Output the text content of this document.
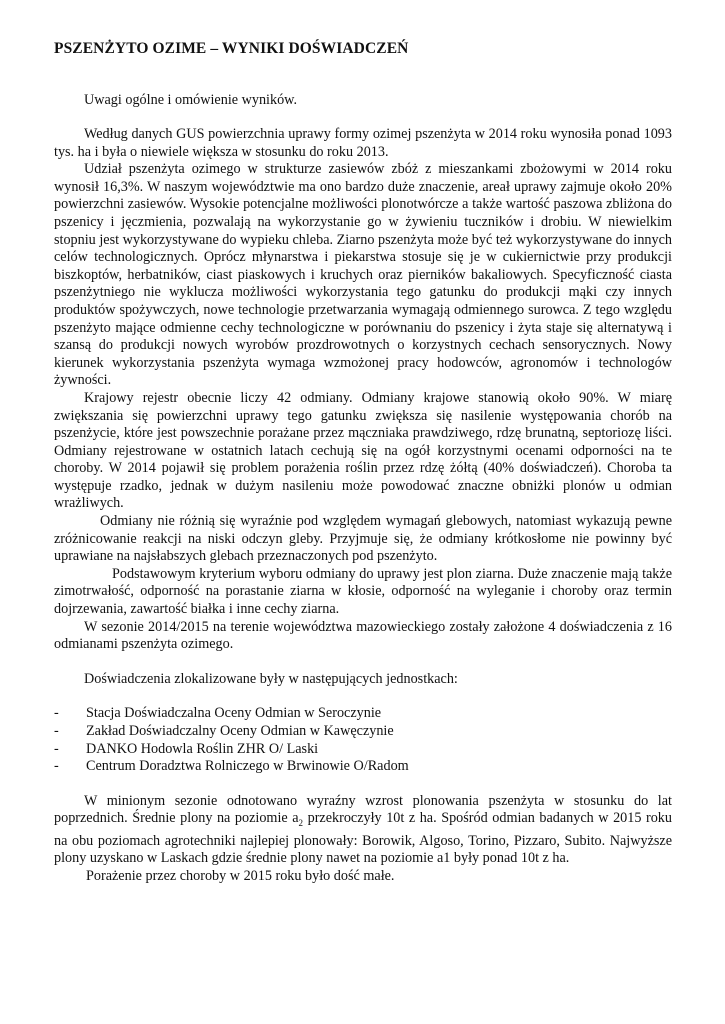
PSZENŻYTO OZIME – WYNIKI DOŚWIADCZEŃ
Uwagi ogólne i omówienie wyników.

Według danych GUS powierzchnia uprawy formy ozimej pszenżyta w 2014 roku wynosiła ponad 1093 tys. ha i była o niewiele większa w stosunku do roku 2013.

Udział pszenżyta ozimego w strukturze zasiewów zbóż z mieszankami zbożowymi w 2014 roku wynosił 16,3%. W naszym województwie ma ono bardzo duże znaczenie, areał uprawy zajmuje około 20% powierzchni zasiewów. Wysokie potencjalne możliwości plonotwórcze a także wartość paszowa zbliżona do pszenicy i jęczmienia, pozwalają na wykorzystanie go w żywieniu tuczników i drobiu. W niewielkim stopniu jest wykorzystywane do wypieku chleba. Ziarno pszenżyta może być też wykorzystywane do innych celów technologicznych. Oprócz młynarstwa i piekarstwa stosuje się je w cukiernictwie przy produkcji biszkoptów, herbatników, ciast piaskowych i kruchych oraz pierników bakaliowych. Specyficzność ciasta pszenżytniego nie wyklucza możliwości wykorzystania tego gatunku do produkcji mąki czy innych produktów spożywczych, nowe technologie przetwarzania wymagają odmiennego surowca. Z tego względu pszenżyto mające odmienne cechy technologiczne w porównaniu do pszenicy i żyta staje się alternatywą i szansą do produkcji nowych wyrobów prozdrowotnych o korzystnych cechach sensorycznych. Nowy kierunek wykorzystania pszenżyta wymaga wzmożonej pracy hodowców, agronomów i technologów żywności.

Krajowy rejestr obecnie liczy 42 odmiany. Odmiany krajowe stanowią około 90%. W miarę zwiększania się powierzchni uprawy tego gatunku zwiększa się nasilenie występowania chorób na pszenżycie, które jest powszechnie porażane przez mączniaka prawdziwego, rdzę brunatną, septoriozę liści. Odmiany rejestrowane w ostatnich latach cechują się na ogół korzystnymi ocenami odporności na te choroby. W 2014 pojawił się problem porażenia roślin przez rdzę żółtą (40% doświadczeń). Choroba ta występuje rzadko, jednak w dużym nasileniu może powodować znaczne obniżki plonów u odmian wrażliwych.

Odmiany nie różnią się wyraźnie pod względem wymagań glebowych, natomiast wykazują pewne zróżnicowanie reakcji na niski odczyn gleby. Przyjmuje się, że odmiany krótkosłome nie powinny być uprawiane na najsłabszych glebach przeznaczonych pod pszenżyto.

Podstawowym kryterium wyboru odmiany do uprawy jest plon ziarna. Duże znaczenie mają także zimotrwałość, odporność na porastanie ziarna w kłosie, odporność na wyleganie i choroby oraz termin dojrzewania, zawartość białka i inne cechy ziarna.

W sezonie 2014/2015 na terenie województwa mazowieckiego zostały założone 4 doświadczenia z 16 odmianami pszenżyta ozimego.

Doświadczenia zlokalizowane były w następujących jednostkach:

-	Stacja Doświadczalna Oceny Odmian w Seroczynie
-	Zakład Doświadczalny Oceny Odmian w Kawęczynie
-	DANKO Hodowla Roślin ZHR O/ Laski
-	Centrum Doradztwa Rolniczego w Brwinowie O/Radom

W minionym sezonie odnotowano wyraźny wzrost plonowania pszenżyta w stosunku do lat poprzednich. Średnie plony na poziomie $a_2$ przekroczyły 10t z ha. Spośród odmian badanych w 2015 roku na obu poziomach agrotechniki najlepiej plonowały: Borowik, Algoso, Torino, Pizzaro, Subito. Najwyższe plony uzyskano w Laskach gdzie średnie plony nawet na poziomie a1 były ponad 10t z ha.

Porażenie przez choroby w 2015 roku było dość małe.
